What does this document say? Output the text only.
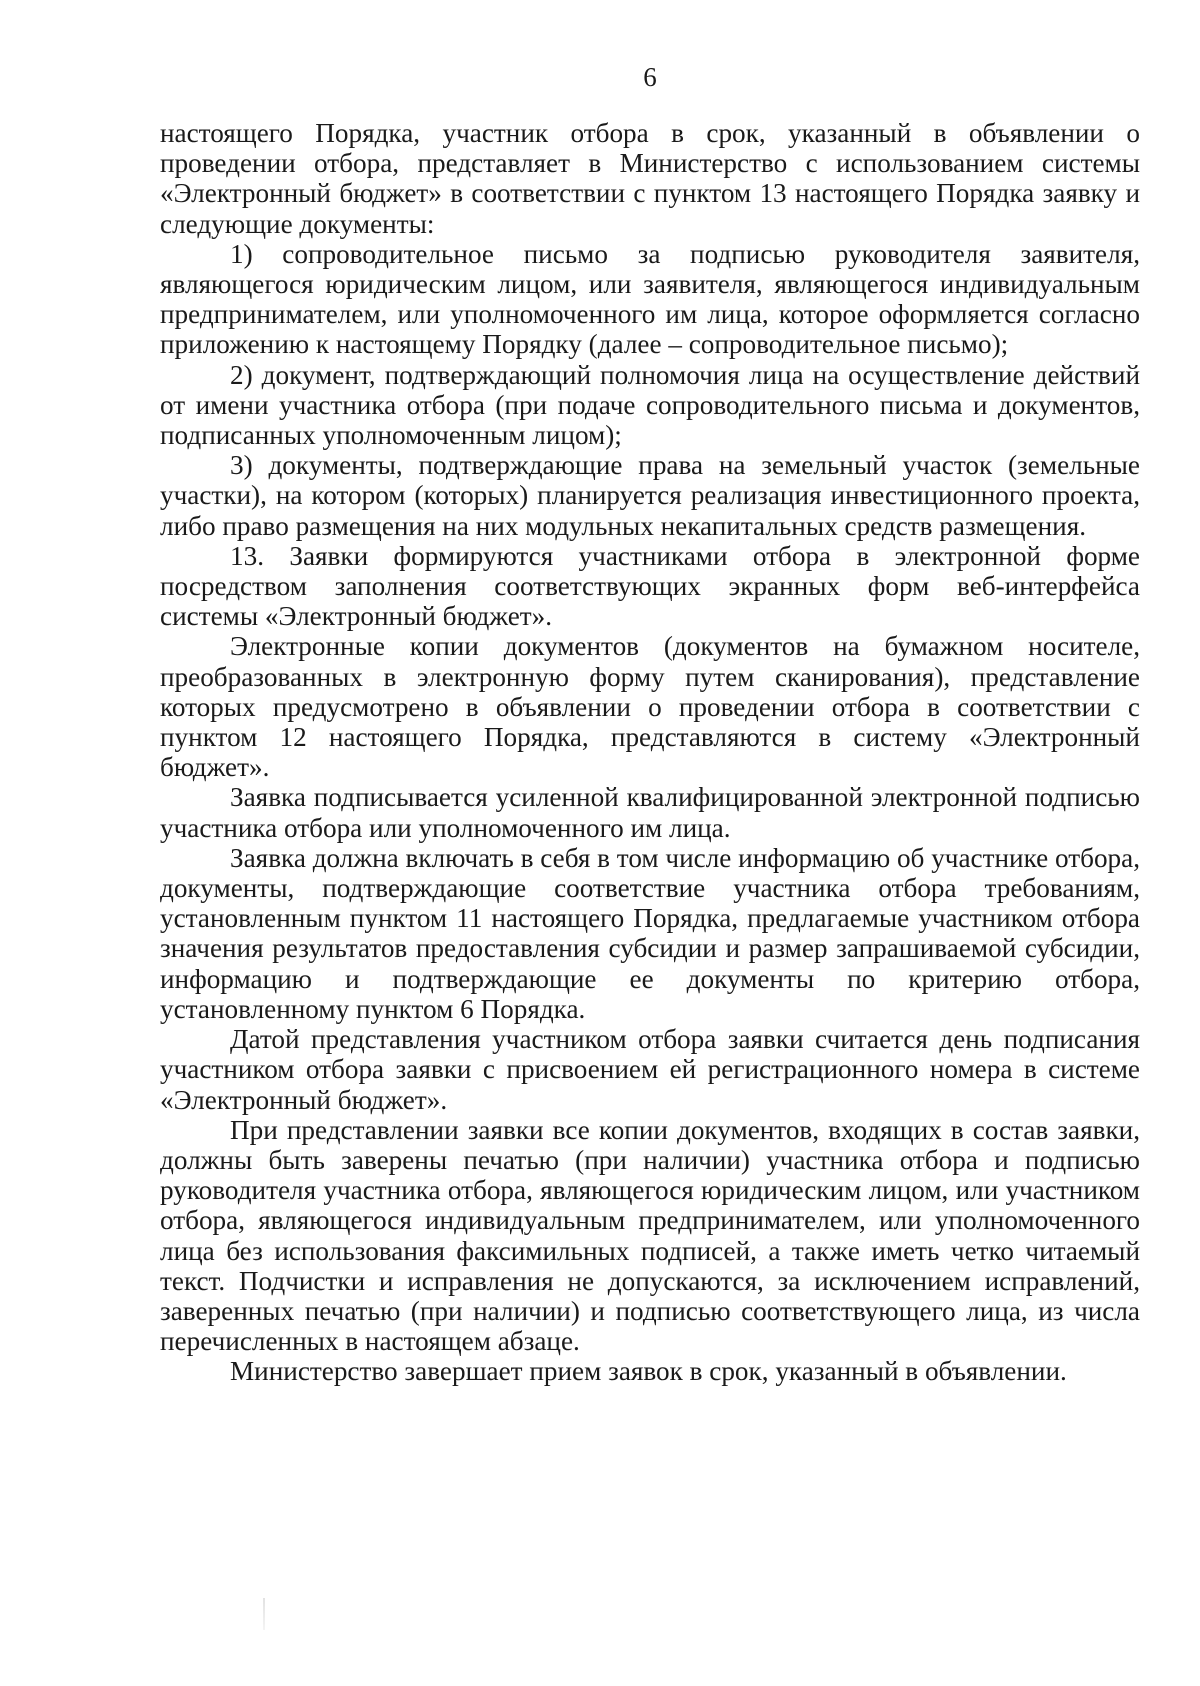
6

настоящего Порядка, участник отбора в срок, указанный в объявлении о проведении отбора, представляет в Министерство с использованием системы «Электронный бюджет» в соответствии с пунктом 13 настоящего Порядка заявку и следующие документы:

1) сопроводительное письмо за подписью руководителя заявителя, являющегося юридическим лицом, или заявителя, являющегося индивидуальным предпринимателем, или уполномоченного им лица, которое оформляется согласно приложению к настоящему Порядку (далее – сопроводительное письмо);

2) документ, подтверждающий полномочия лица на осуществление действий от имени участника отбора (при подаче сопроводительного письма и документов, подписанных уполномоченным лицом);

3) документы, подтверждающие права на земельный участок (земельные участки), на котором (которых) планируется реализация инвестиционного проекта, либо право размещения на них модульных некапитальных средств размещения.

13. Заявки формируются участниками отбора в электронной форме посредством заполнения соответствующих экранных форм веб-интерфейса системы «Электронный бюджет».

Электронные копии документов (документов на бумажном носителе, преобразованных в электронную форму путем сканирования), представление которых предусмотрено в объявлении о проведении отбора в соответствии с пунктом 12 настоящего Порядка, представляются в систему «Электронный бюджет».

Заявка подписывается усиленной квалифицированной электронной подписью участника отбора или уполномоченного им лица.

Заявка должна включать в себя в том числе информацию об участнике отбора, документы, подтверждающие соответствие участника отбора требованиям, установленным пунктом 11 настоящего Порядка, предлагаемые участником отбора значения результатов предоставления субсидии и размер запрашиваемой субсидии, информацию и подтверждающие ее документы по критерию отбора, установленному пунктом 6 Порядка.

Датой представления участником отбора заявки считается день подписания участником отбора заявки с присвоением ей регистрационного номера в системе «Электронный бюджет».

При представлении заявки все копии документов, входящих в состав заявки, должны быть заверены печатью (при наличии) участника отбора и подписью руководителя участника отбора, являющегося юридическим лицом, или участником отбора, являющегося индивидуальным предпринимателем, или уполномоченного лица без использования факсимильных подписей, а также иметь четко читаемый текст. Подчистки и исправления не допускаются, за исключением исправлений, заверенных печатью (при наличии) и подписью соответствующего лица, из числа перечисленных в настоящем абзаце.

Министерство завершает прием заявок в срок, указанный в объявлении.
